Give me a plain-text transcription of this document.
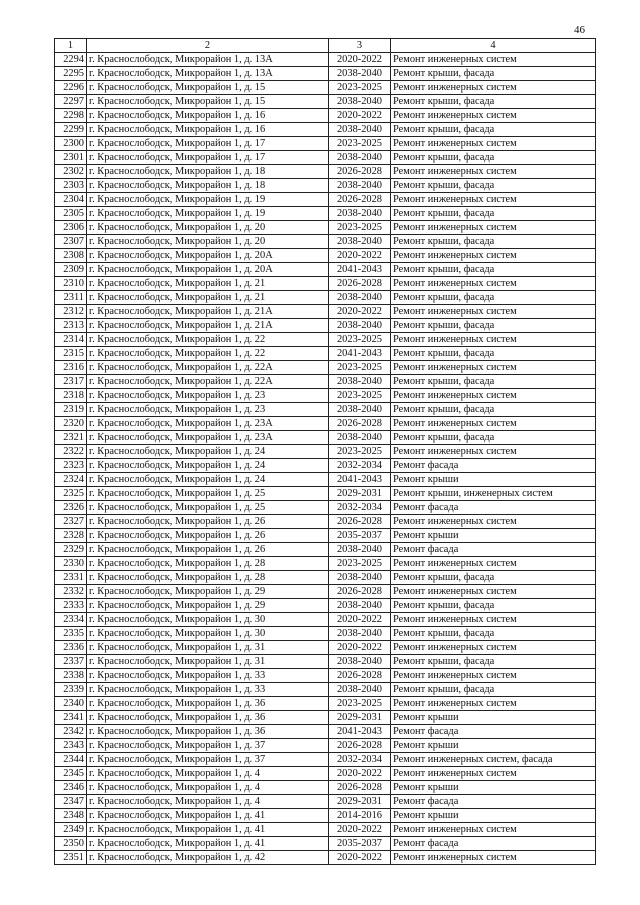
46
1	2	3	4
2294	г. Краснослободск, Микрорайон 1, д. 13А	2020-2022	Ремонт инженерных систем
2295	г. Краснослободск, Микрорайон 1, д. 13А	2038-2040	Ремонт крыши, фасада
2296	г. Краснослободск, Микрорайон 1, д. 15	2023-2025	Ремонт инженерных систем
2297	г. Краснослободск, Микрорайон 1, д. 15	2038-2040	Ремонт крыши, фасада
2298	г. Краснослободск, Микрорайон 1, д. 16	2020-2022	Ремонт инженерных систем
2299	г. Краснослободск, Микрорайон 1, д. 16	2038-2040	Ремонт крыши, фасада
2300	г. Краснослободск, Микрорайон 1, д. 17	2023-2025	Ремонт инженерных систем
2301	г. Краснослободск, Микрорайон 1, д. 17	2038-2040	Ремонт крыши, фасада
2302	г. Краснослободск, Микрорайон 1, д. 18	2026-2028	Ремонт инженерных систем
2303	г. Краснослободск, Микрорайон 1, д. 18	2038-2040	Ремонт крыши, фасада
2304	г. Краснослободск, Микрорайон 1, д. 19	2026-2028	Ремонт инженерных систем
2305	г. Краснослободск, Микрорайон 1, д. 19	2038-2040	Ремонт крыши, фасада
2306	г. Краснослободск, Микрорайон 1, д. 20	2023-2025	Ремонт инженерных систем
2307	г. Краснослободск, Микрорайон 1, д. 20	2038-2040	Ремонт крыши, фасада
2308	г. Краснослободск, Микрорайон 1, д. 20А	2020-2022	Ремонт инженерных систем
2309	г. Краснослободск, Микрорайон 1, д. 20А	2041-2043	Ремонт крыши, фасада
2310	г. Краснослободск, Микрорайон 1, д. 21	2026-2028	Ремонт инженерных систем
2311	г. Краснослободск, Микрорайон 1, д. 21	2038-2040	Ремонт крыши, фасада
2312	г. Краснослободск, Микрорайон 1, д. 21А	2020-2022	Ремонт инженерных систем
2313	г. Краснослободск, Микрорайон 1, д. 21А	2038-2040	Ремонт крыши, фасада
2314	г. Краснослободск, Микрорайон 1, д. 22	2023-2025	Ремонт инженерных систем
2315	г. Краснослободск, Микрорайон 1, д. 22	2041-2043	Ремонт крыши, фасада
2316	г. Краснослободск, Микрорайон 1, д. 22А	2023-2025	Ремонт инженерных систем
2317	г. Краснослободск, Микрорайон 1, д. 22А	2038-2040	Ремонт крыши, фасада
2318	г. Краснослободск, Микрорайон 1, д. 23	2023-2025	Ремонт инженерных систем
2319	г. Краснослободск, Микрорайон 1, д. 23	2038-2040	Ремонт крыши, фасада
2320	г. Краснослободск, Микрорайон 1, д. 23А	2026-2028	Ремонт инженерных систем
2321	г. Краснослободск, Микрорайон 1, д. 23А	2038-2040	Ремонт крыши, фасада
2322	г. Краснослободск, Микрорайон 1, д. 24	2023-2025	Ремонт инженерных систем
2323	г. Краснослободск, Микрорайон 1, д. 24	2032-2034	Ремонт фасада
2324	г. Краснослободск, Микрорайон 1, д. 24	2041-2043	Ремонт крыши
2325	г. Краснослободск, Микрорайон 1, д. 25	2029-2031	Ремонт крыши, инженерных систем
2326	г. Краснослободск, Микрорайон 1, д. 25	2032-2034	Ремонт фасада
2327	г. Краснослободск, Микрорайон 1, д. 26	2026-2028	Ремонт инженерных систем
2328	г. Краснослободск, Микрорайон 1, д. 26	2035-2037	Ремонт крыши
2329	г. Краснослободск, Микрорайон 1, д. 26	2038-2040	Ремонт фасада
2330	г. Краснослободск, Микрорайон 1, д. 28	2023-2025	Ремонт инженерных систем
2331	г. Краснослободск, Микрорайон 1, д. 28	2038-2040	Ремонт крыши, фасада
2332	г. Краснослободск, Микрорайон 1, д. 29	2026-2028	Ремонт инженерных систем
2333	г. Краснослободск, Микрорайон 1, д. 29	2038-2040	Ремонт крыши, фасада
2334	г. Краснослободск, Микрорайон 1, д. 30	2020-2022	Ремонт инженерных систем
2335	г. Краснослободск, Микрорайон 1, д. 30	2038-2040	Ремонт крыши, фасада
2336	г. Краснослободск, Микрорайон 1, д. 31	2020-2022	Ремонт инженерных систем
2337	г. Краснослободск, Микрорайон 1, д. 31	2038-2040	Ремонт крыши, фасада
2338	г. Краснослободск, Микрорайон 1, д. 33	2026-2028	Ремонт инженерных систем
2339	г. Краснослободск, Микрорайон 1, д. 33	2038-2040	Ремонт крыши, фасада
2340	г. Краснослободск, Микрорайон 1, д. 36	2023-2025	Ремонт инженерных систем
2341	г. Краснослободск, Микрорайон 1, д. 36	2029-2031	Ремонт крыши
2342	г. Краснослободск, Микрорайон 1, д. 36	2041-2043	Ремонт фасада
2343	г. Краснослободск, Микрорайон 1, д. 37	2026-2028	Ремонт крыши
2344	г. Краснослободск, Микрорайон 1, д. 37	2032-2034	Ремонт инженерных систем, фасада
2345	г. Краснослободск, Микрорайон 1, д. 4	2020-2022	Ремонт инженерных систем
2346	г. Краснослободск, Микрорайон 1, д. 4	2026-2028	Ремонт крыши
2347	г. Краснослободск, Микрорайон 1, д. 4	2029-2031	Ремонт фасада
2348	г. Краснослободск, Микрорайон 1, д. 41	2014-2016	Ремонт крыши
2349	г. Краснослободск, Микрорайон 1, д. 41	2020-2022	Ремонт инженерных систем
2350	г. Краснослободск, Микрорайон 1, д. 41	2035-2037	Ремонт фасада
2351	г. Краснослободск, Микрорайон 1, д. 42	2020-2022	Ремонт инженерных систем
